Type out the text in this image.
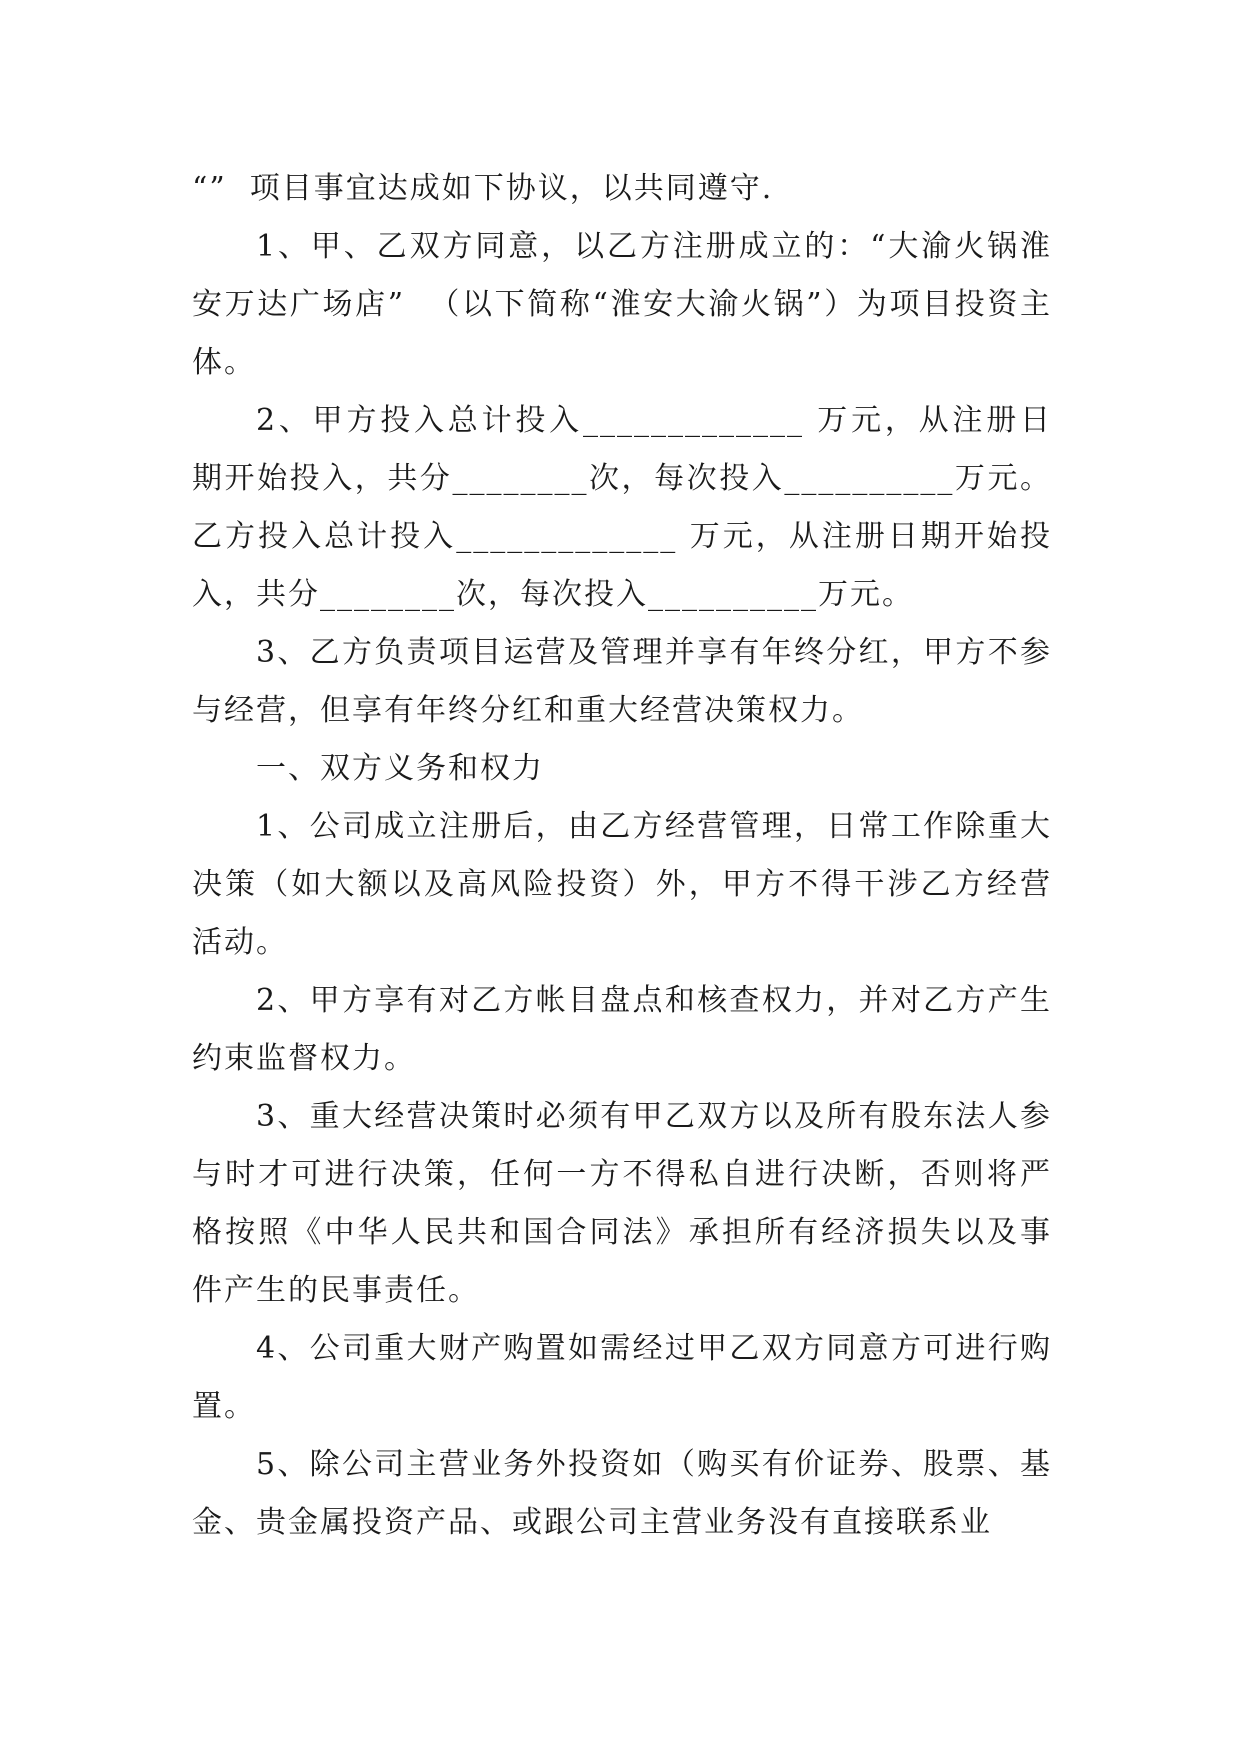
“”  项目事宜达成如下协议，以共同遵守.

1、甲、乙双方同意，以乙方注册成立的：“大渝火锅淮安万达广场店”  （以下简称“淮安大渝火锅”）为项目投资主体。

2、甲方投入总计投入_____________ 万元，从注册日期开始投入，共分________次，每次投入__________万元。乙方投入总计投入_____________ 万元，从注册日期开始投入，共分________次，每次投入__________万元。

3、乙方负责项目运营及管理并享有年终分红，甲方不参与经营，但享有年终分红和重大经营决策权力。

一、双方义务和权力

1、公司成立注册后，由乙方经营管理，日常工作除重大决策（如大额以及高风险投资）外，甲方不得干涉乙方经营活动。

2、甲方享有对乙方帐目盘点和核查权力，并对乙方产生约束监督权力。

3、重大经营决策时必须有甲乙双方以及所有股东法人参与时才可进行决策，任何一方不得私自进行决断，否则将严格按照《中华人民共和国合同法》承担所有经济损失以及事件产生的民事责任。

4、公司重大财产购置如需经过甲乙双方同意方可进行购置。

5、除公司主营业务外投资如（购买有价证券、股票、基金、贵金属投资产品、或跟公司主营业务没有直接联系业
